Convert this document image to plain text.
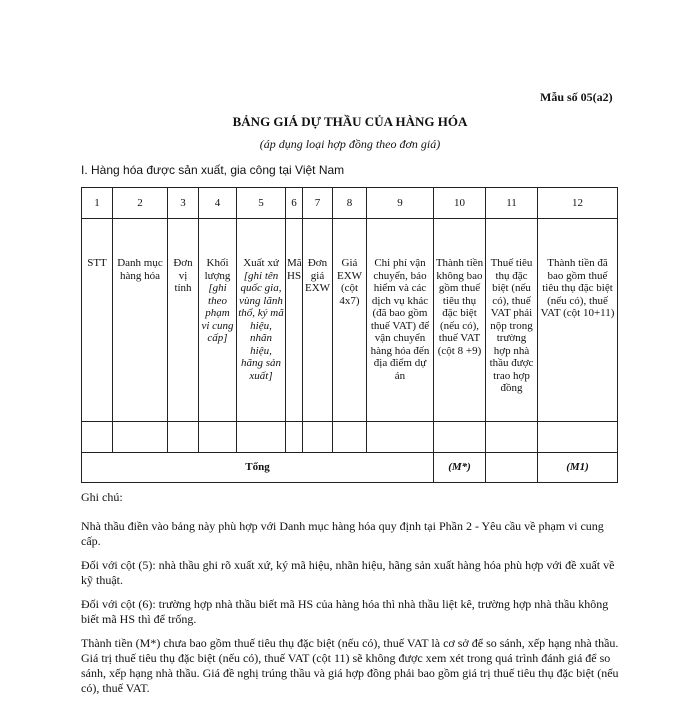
Mẫu số 05(a2)
BẢNG GIÁ DỰ THẦU CỦA HÀNG HÓA
(áp dụng loại hợp đồng theo đơn giá)
I. Hàng hóa được sản xuất, gia công tại Việt Nam
1	2	3	4	5	6	7	8	9	10	11	12
STT	Danh mục hàng hóa	Đơn vị tính	Khối lượng [ghi theo phạm vi cung cấp]	Xuất xứ [ghi tên quốc gia, vùng lãnh thổ, ký mã hiệu, nhãn hiệu, hãng sản xuất]	Mã HS	Đơn giá EXW	Giá EXW (cột 4x7)	Chi phí vận chuyển, bảo hiểm và các dịch vụ khác (đã bao gồm thuế VAT) để vận chuyển hàng hóa đến địa điểm dự án	Thành tiền không bao gồm thuế tiêu thụ đặc biệt (nếu có), thuế VAT (cột 8 +9)	Thuế tiêu thụ đặc biệt (nếu có), thuế VAT phải nộp trong trường hợp nhà thầu được trao hợp đồng	Thành tiền đã bao gồm thuế tiêu thụ đặc biệt (nếu có), thuế VAT (cột 10+11)

Tổng									(M*)		(M1)

Ghi chú:

Nhà thầu điền vào bảng này phù hợp với Danh mục hàng hóa quy định tại Phần 2 - Yêu cầu về phạm vi cung cấp.

Đối với cột (5): nhà thầu ghi rõ xuất xứ, ký mã hiệu, nhãn hiệu, hãng sản xuất hàng hóa phù hợp với đề xuất về kỹ thuật.

Đối với cột (6): trường hợp nhà thầu biết mã HS của hàng hóa thì nhà thầu liệt kê, trường hợp nhà thầu không biết mã HS thì để trống.

Thành tiền (M*) chưa bao gồm thuế tiêu thụ đặc biệt (nếu có), thuế VAT là cơ sở để so sánh, xếp hạng nhà thầu. Giá trị thuế tiêu thụ đặc biệt (nếu có), thuế VAT (cột 11) sẽ không được xem xét trong quá trình đánh giá để so sánh, xếp hạng nhà thầu. Giá đề nghị trúng thầu và giá hợp đồng phải bao gồm giá trị thuế tiêu thụ đặc biệt (nếu có), thuế VAT.
